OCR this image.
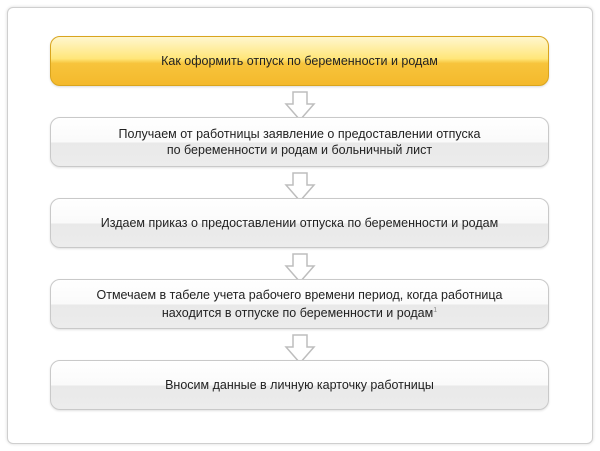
Как оформить отпуск по беременности и родам
Получаем от работницы заявление о предоставлении отпуска
по беременности и родам и больничный лист
Издаем приказ о предоставлении отпуска по беременности и родам
Отмечаем в табеле учета рабочего времени период, когда работница
находится в отпуске по беременности и родам$^1$
Вносим данные в личную карточку работницы
